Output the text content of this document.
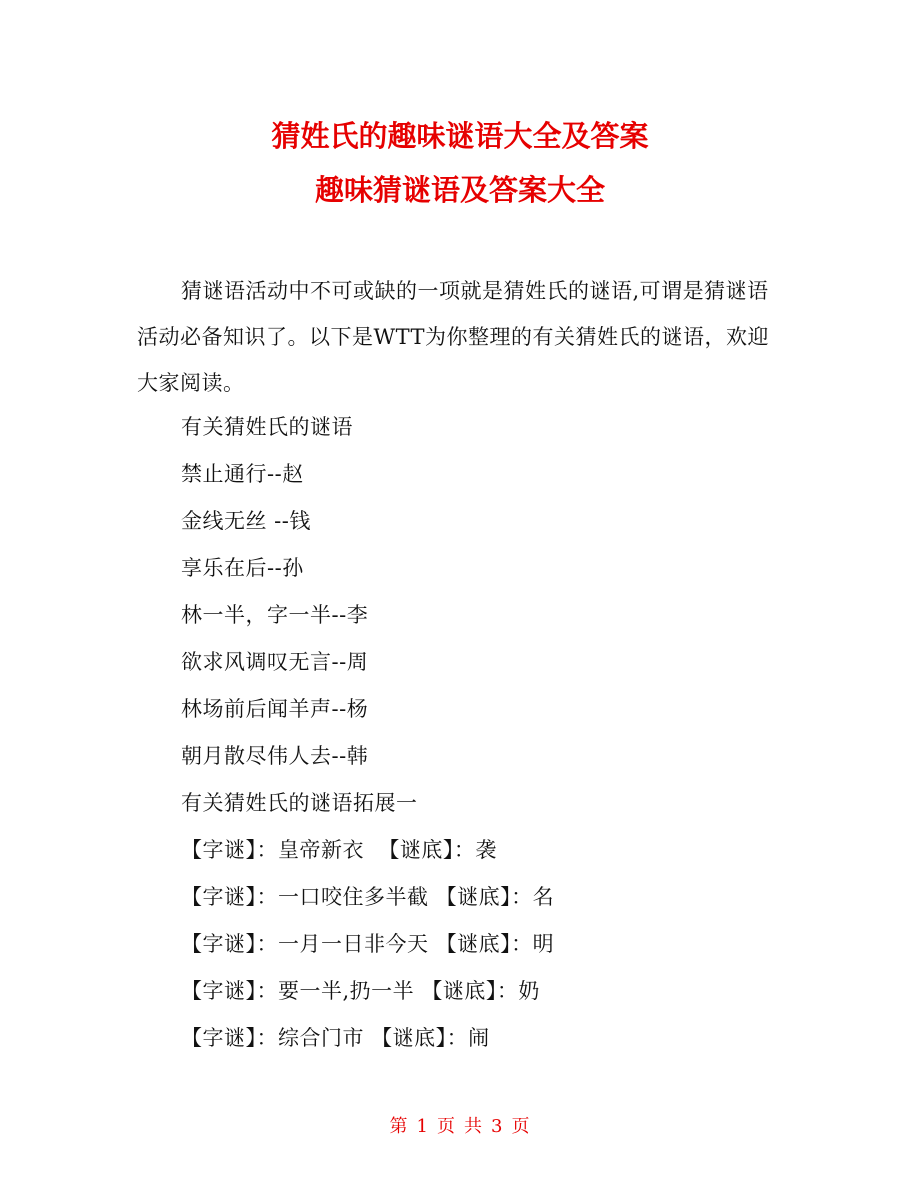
猜姓氏的趣味谜语大全及答案
趣味猜谜语及答案大全

猜谜语活动中不可或缺的一项就是猜姓氏的谜语,可谓是猜谜语活动必备知识了。以下是WTT为你整理的有关猜姓氏的谜语，欢迎大家阅读。

有关猜姓氏的谜语
禁止通行--赵
金线无丝 --钱
享乐在后--孙
林一半，字一半--李
欲求风调叹无言--周
林场前后闻羊声--杨
朝月散尽伟人去--韩
有关猜姓氏的谜语拓展一
【字谜】：皇帝新衣  【谜底】：袭
【字谜】：一口咬住多半截 【谜底】：名
【字谜】：一月一日非今天 【谜底】：明
【字谜】：要一半,扔一半 【谜底】：奶
【字谜】：综合门市 【谜底】：闹
第 1 页 共 3 页
